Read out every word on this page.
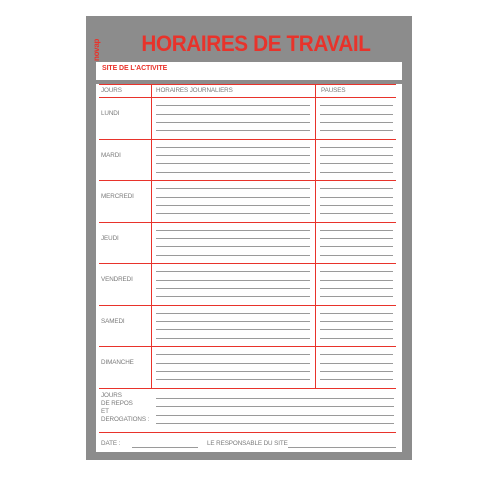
novap	HORAIRES DE TRAVAIL
SITE DE L'ACTIVITE
JOURS	HORAIRES JOURNALIERS	PAUSES
LUNDI
MARDI
MERCREDI
JEUDI
VENDREDI
SAMEDI
DIMANCHE
JOURS
DE REPOS
ET
DEROGATIONS :
DATE :	LE RESPONSABLE DU SITE
